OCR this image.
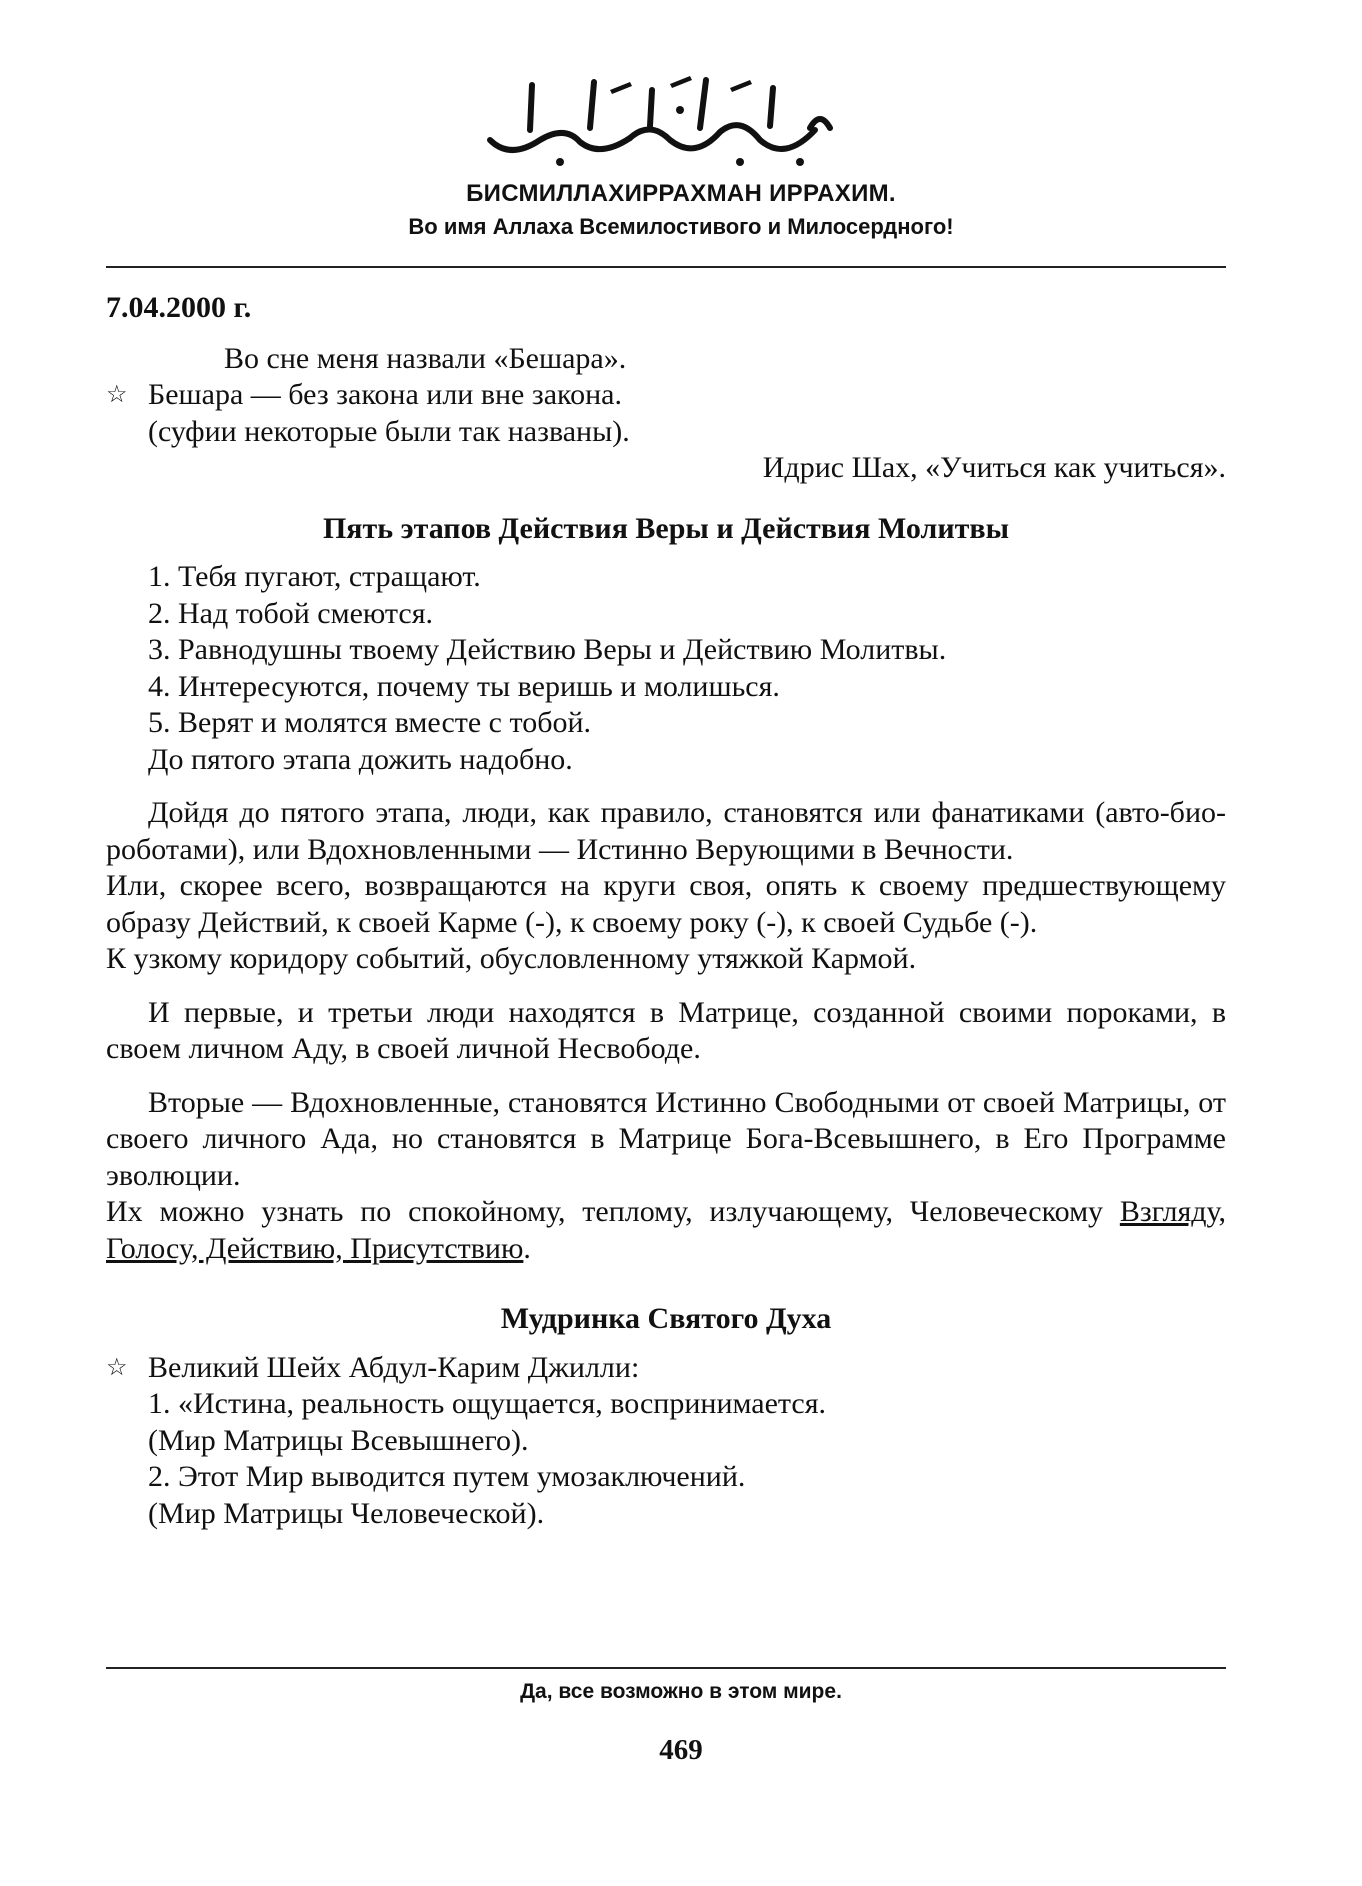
БИСМИЛЛАХИРРАХМАН ИРРАХИМ.
Во имя Аллаха Всемилостивого и Милосердного!
7.04.2000 г.

Во сне меня назвали «Бешара».

☆ Бешара — без закона или вне закона.

(суфии некоторые были так названы).

Идрис Шах, «Учиться как учиться».

Пять этапов Действия Веры и Действия Молитвы

1. Тебя пугают, стращают.

2. Над тобой смеются.

3. Равнодушны твоему Действию Веры и Действию Молитвы.

4. Интересуются, почему ты веришь и молишься.

5. Верят и молятся вместе с тобой.

До пятого этапа дожить надобно.

Дойдя до пятого этапа, люди, как правило, становятся или фанатиками (авто-био-роботами), или Вдохновленными — Истинно Верующими в Вечности.

Или, скорее всего, возвращаются на круги своя, опять к своему предшествующему образу Действий, к своей Карме (-), к своему року (-), к своей Судьбе (-).

К узкому коридору событий, обусловленному утяжкой Кармой.

И первые, и третьи люди находятся в Матрице, созданной своими пороками, в своем личном Аду, в своей личной Несвободе.

Вторые — Вдохновленные, становятся Истинно Свободными от своей Матрицы, от своего личного Ада, но становятся в Матрице Бога-Всевышнего, в Его Программе эволюции.

Их можно узнать по спокойному, теплому, излучающему, Человеческому Взгляду, Голосу, Действию, Присутствию.

Мудринка Святого Духа

☆ Великий Шейх Абдул-Карим Джилли:

1. «Истина, реальность ощущается, воспринимается.

(Мир Матрицы Всевышнего).

2. Этот Мир выводится путем умозаключений.

(Мир Матрицы Человеческой).

Да, все возможно в этом мире.
469
